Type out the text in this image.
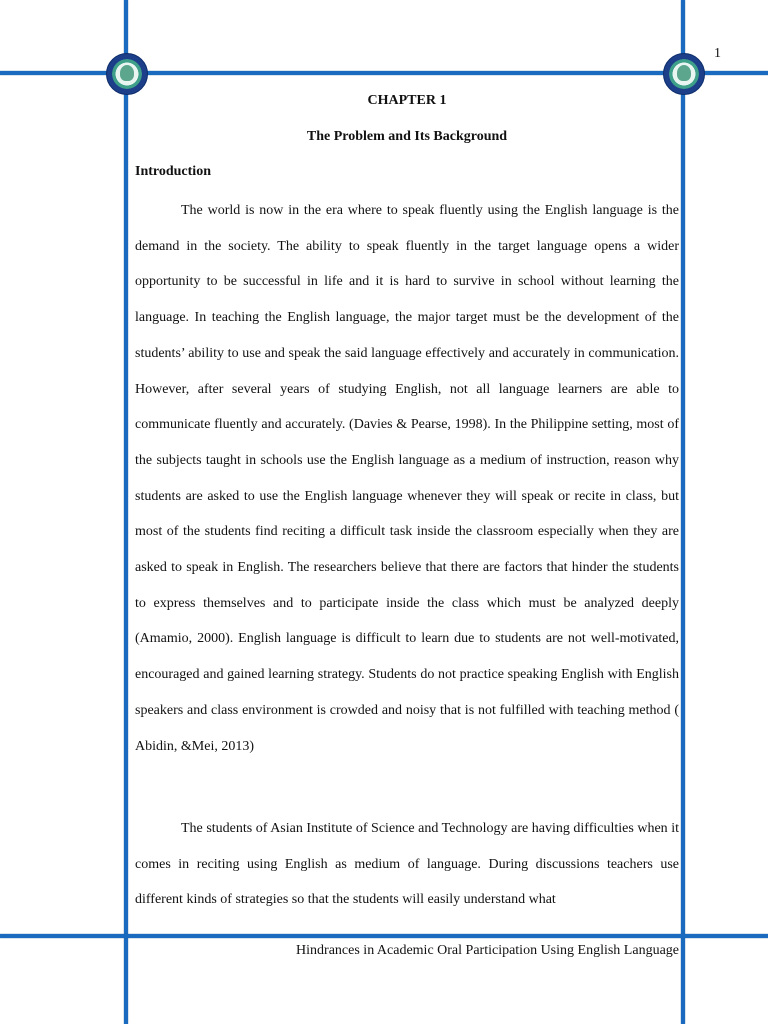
1
CHAPTER 1
The Problem and Its Background
Introduction

The world is now in the era where to speak fluently using the English language is the demand in the society. The ability to speak fluently in the target language opens a wider opportunity to be successful in life and it is hard to survive in school without learning the language. In teaching the English language, the major target must be the development of the students’ ability to use and speak the said language effectively and accurately in communication. However, after several years of studying English, not all language learners are able to communicate fluently and accurately. (Davies & Pearse, 1998). In the Philippine setting, most of the subjects taught in schools use the English language as a medium of instruction, reason why students are asked to use the English language whenever they will speak or recite in class, but most of the students find reciting a difficult task inside the classroom especially when they are asked to speak in English. The researchers believe that there are factors that hinder the students to express themselves and to participate inside the class which must be analyzed deeply (Amamio, 2000). English language is difficult to learn due to students are not well-motivated, encouraged and gained learning strategy. Students do not practice speaking English with English speakers and class environment is crowded and noisy that is not fulfilled with teaching method ( Abidin, &Mei, 2013)

The students of Asian Institute of Science and Technology are having difficulties when it comes in reciting using English as medium of language. During discussions teachers use different kinds of strategies so that the students will easily understand what

Hindrances in Academic Oral Participation Using English Language
